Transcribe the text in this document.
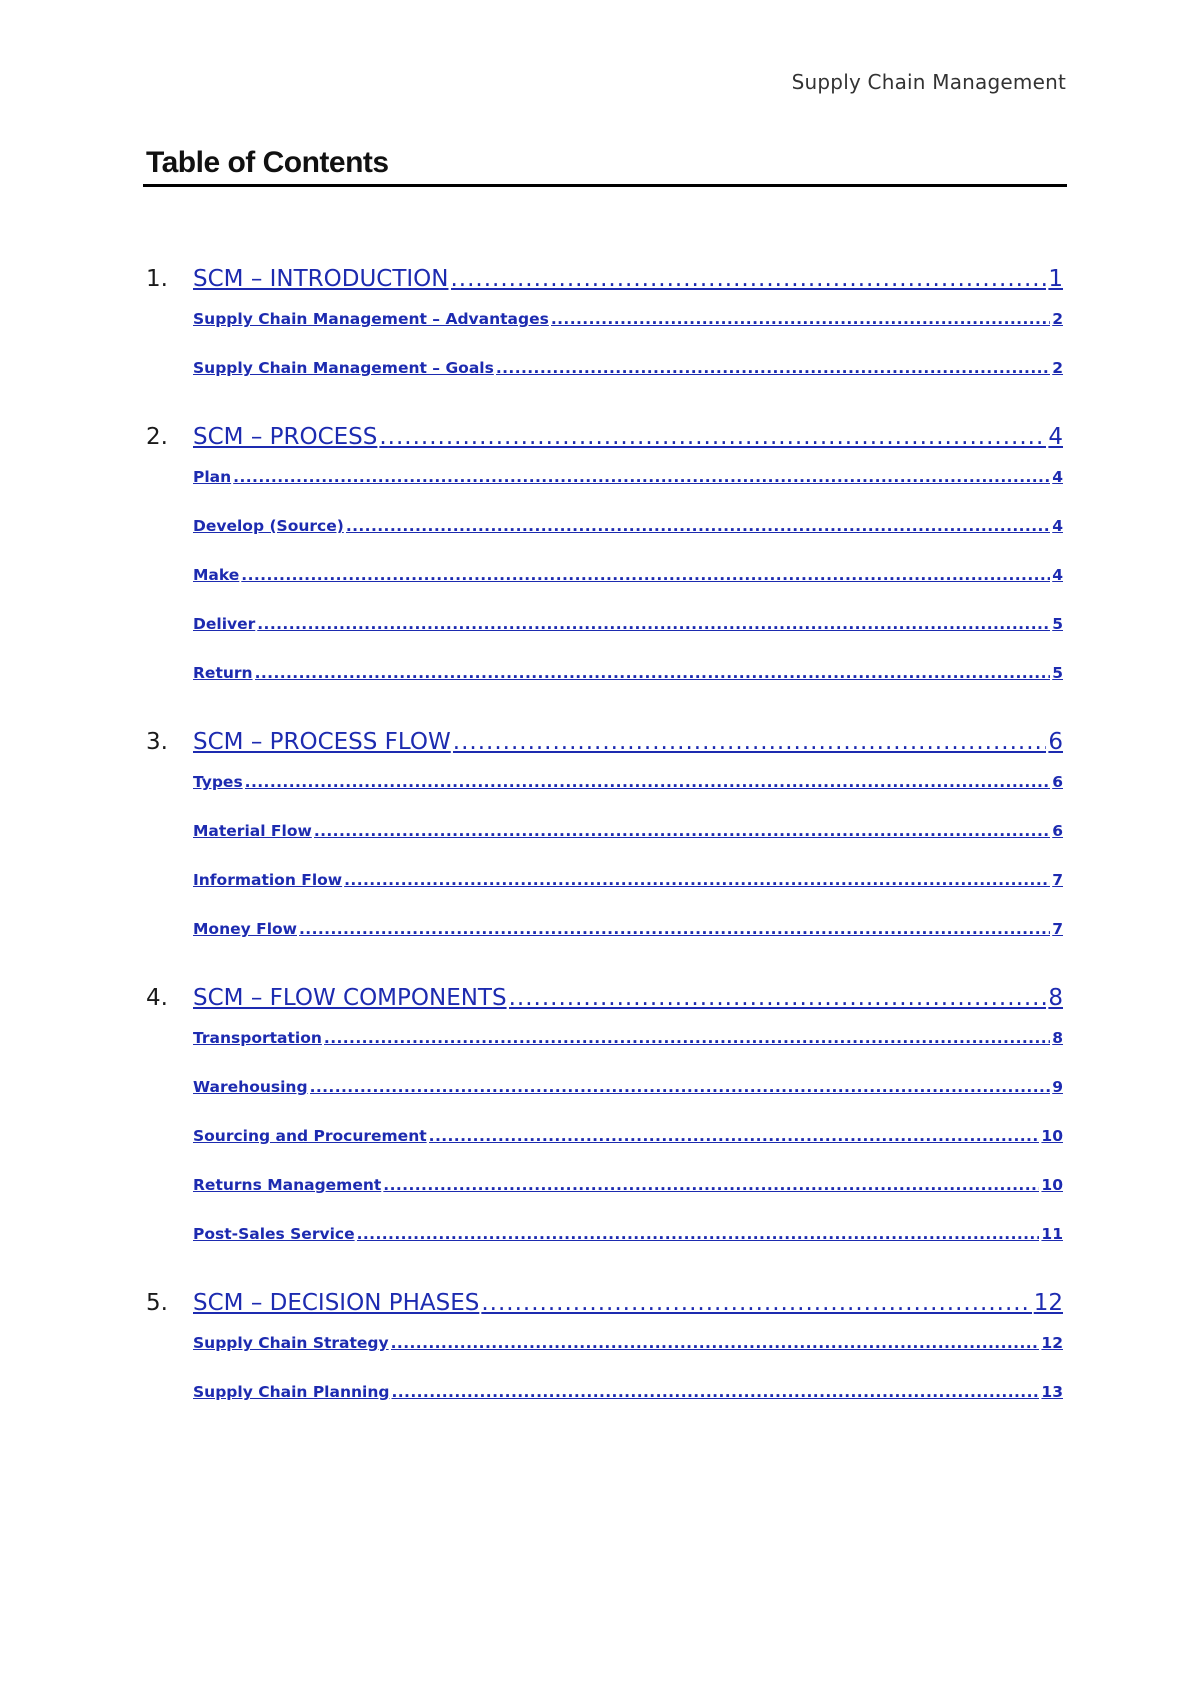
Supply Chain Management
Table of Contents
1. SCM – INTRODUCTION .....	1
Supply Chain Management – Advantages .....	2
Supply Chain Management – Goals .....	2
2. SCM – PROCESS .....	4
Plan .....	4
Develop (Source) .....	4
Make .....	4
Deliver .....	5
Return .....	5
3. SCM – PROCESS FLOW .....	6
Types .....	6
Material Flow .....	6
Information Flow .....	7
Money Flow .....	7
4. SCM – FLOW COMPONENTS .....	8
Transportation .....	8
Warehousing .....	9
Sourcing and Procurement .....	10
Returns Management .....	10
Post-Sales Service .....	11
5. SCM – DECISION PHASES .....	12
Supply Chain Strategy .....	12
Supply Chain Planning .....	13
